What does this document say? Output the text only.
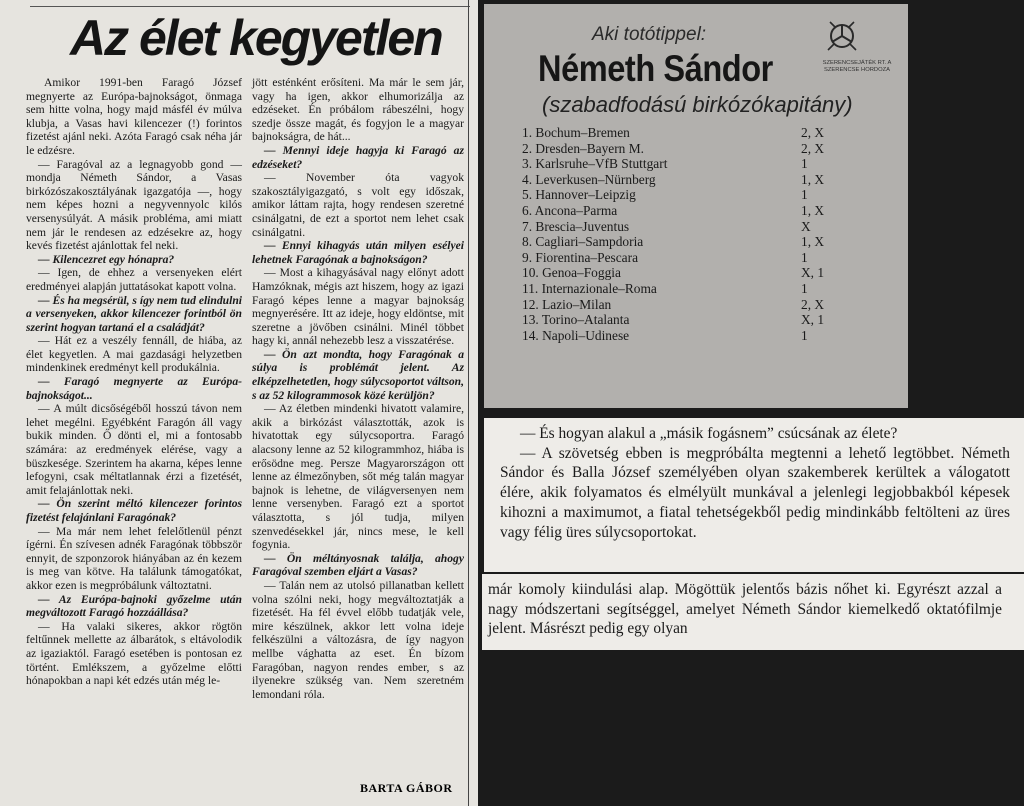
Az élet kegyetlen

Amikor 1991-ben Faragó József megnyerte az Európa-bajnokságot, önmaga sem hitte volna, hogy majd másfél év múlva klubja, a Vasas havi kilencezer (!) forintos fizetést ajánl neki. Azóta Faragó csak néha jár le edzésre.

— Faragóval az a legnagyobb gond — mondja Németh Sándor, a Vasas birkózószakosztályának igazgatója —, hogy nem képes hozni a negyvennyolc kilós versenysúlyát. A másik probléma, ami miatt nem jár le rendesen az edzésekre az, hogy kevés fizetést ajánlottak fel neki.

— Kilencezret egy hónapra?

— Igen, de ehhez a versenyeken elért eredményei alapján juttatásokat kapott volna.

— És ha megsérül, s így nem tud elindulni a versenyeken, akkor kilencezer forintból ön szerint hogyan tartaná el a családját?

— Hát ez a veszély fennáll, de hiába, az élet kegyetlen. A mai gazdasági helyzetben mindenkinek eredményt kell produkálnia.

— Faragó megnyerte az Európa-bajnokságot...

— A múlt dicsőségéből hosszú távon nem lehet megélni. Egyébként Faragón áll vagy bukik minden. Ő dönti el, mi a fontosabb számára: az eredmények elérése, vagy a büszkesége. Szerintem ha akarna, képes lenne lefogyni, csak méltatlannak érzi a fizetését, amit felajánlottak neki.

— Ön szerint méltó kilencezer forintos fizetést felajánlani Faragónak?

— Ma már nem lehet felelőtlenül pénzt ígérni. Én szívesen adnék Faragónak többször ennyit, de szponzorok hiányában az én kezem is meg van kötve. Ha találunk támogatókat, akkor ezen is megpróbálunk változtatni.

— Az Európa-bajnoki győzelme után megváltozott Faragó hozzáállása?

— Ha valaki sikeres, akkor rögtön feltűnnek mellette az álbarátok, s eltávolodik az igaziaktól. Faragó esetében is pontosan ez történt. Emlékszem, a győzelme előtti hónapokban a napi két edzés után még le-

jött esténként erősíteni. Ma már le sem jár, vagy ha igen, akkor elhumorizálja az edzéseket. Én próbálom rábeszélni, hogy szedje össze magát, és fogyjon le a magyar bajnokságra, de hát...

— Mennyi ideje hagyja ki Faragó az edzéseket?

— November óta vagyok szakosztályigazgató, s volt egy időszak, amikor láttam rajta, hogy rendesen szeretné csinálgatni, de ezt a sportot nem lehet csak csinálgatni.

— Ennyi kihagyás után milyen esélyei lehetnek Faragónak a bajnokságon?

— Most a kihagyásával nagy előnyt adott Hamzóknak, mégis azt hiszem, hogy az igazi Faragó képes lenne a magyar bajnokság megnyerésére. Itt az ideje, hogy eldöntse, mit szeretne a jövőben csinálni. Minél többet hagy ki, annál nehezebb lesz a visszatérése.

— Ön azt mondta, hogy Faragónak a súlya is problémát jelent. Az elképzelhetetlen, hogy súlycsoportot váltson, s az 52 kilogrammosok közé kerüljön?

— Az életben mindenki hivatott valamire, akik a birkózást választották, azok is hivatottak egy súlycsoportra. Faragó alacsony lenne az 52 kilogrammhoz, hiába is erősödne meg. Persze Magyarországon ott lenne az élmezőnyben, sőt még talán magyar bajnok is lehetne, de világversenyen nem lenne versenyben. Faragó ezt a sportot választotta, s jól tudja, milyen szenvedésekkel jár, nincs mese, le kell fogynia.

— Ön méltányosnak találja, ahogy Faragóval szemben eljárt a Vasas?

— Talán nem az utolsó pillanatban kellett volna szólni neki, hogy megváltoztatják a fizetését. Ha fél évvel előbb tudatják vele, mire készülnek, akkor lett volna ideje felkészülni a változásra, de így nagyon mellbe vághatta az eset. Én bízom Faragóban, nagyon rendes ember, s az ilyenekre szükség van. Nem szeretném lemondani róla.

BARTA GÁBOR
Aki totótippel:
Németh Sándor
(szabadfodású birkózókapitány)
SZERENCSEJÁTÉK RT. A SZERENCSE HORDOZA
1. Bochum–Bremen	2, X
2. Dresden–Bayern M.	2, X
3. Karlsruhe–VfB Stuttgart	1
4. Leverkusen–Nürnberg	1, X
5. Hannover–Leipzig	1
6. Ancona–Parma	1, X
7. Brescia–Juventus	X
8. Cagliari–Sampdoria	1, X
9. Fiorentina–Pescara	1
10. Genoa–Foggia	X, 1
11. Internazionale–Roma	1
12. Lazio–Milan	2, X
13. Torino–Atalanta	X, 1
14. Napoli–Udinese	1

— És hogyan alakul a „másik fogásnem” csúcsának az élete?

— A szövetség ebben is megpróbálta megtenni a lehető legtöbbet. Németh Sándor és Balla József személyében olyan szakemberek kerültek a válogatott élére, akik folyamatos és elmélyült munkával a jelenlegi legjobbakból képesek kihozni a maximumot, a fiatal tehetségekből pedig mindinkább feltölteni az üres vagy félig üres súlycsoportokat.

már komoly kiindulási alap. Mögöttük jelentős bázis nőhet ki. Egyrészt azzal a nagy módszertani segítséggel, amelyet Németh Sándor kiemelkedő oktatófilmje jelent. Másrészt pedig egy olyan
